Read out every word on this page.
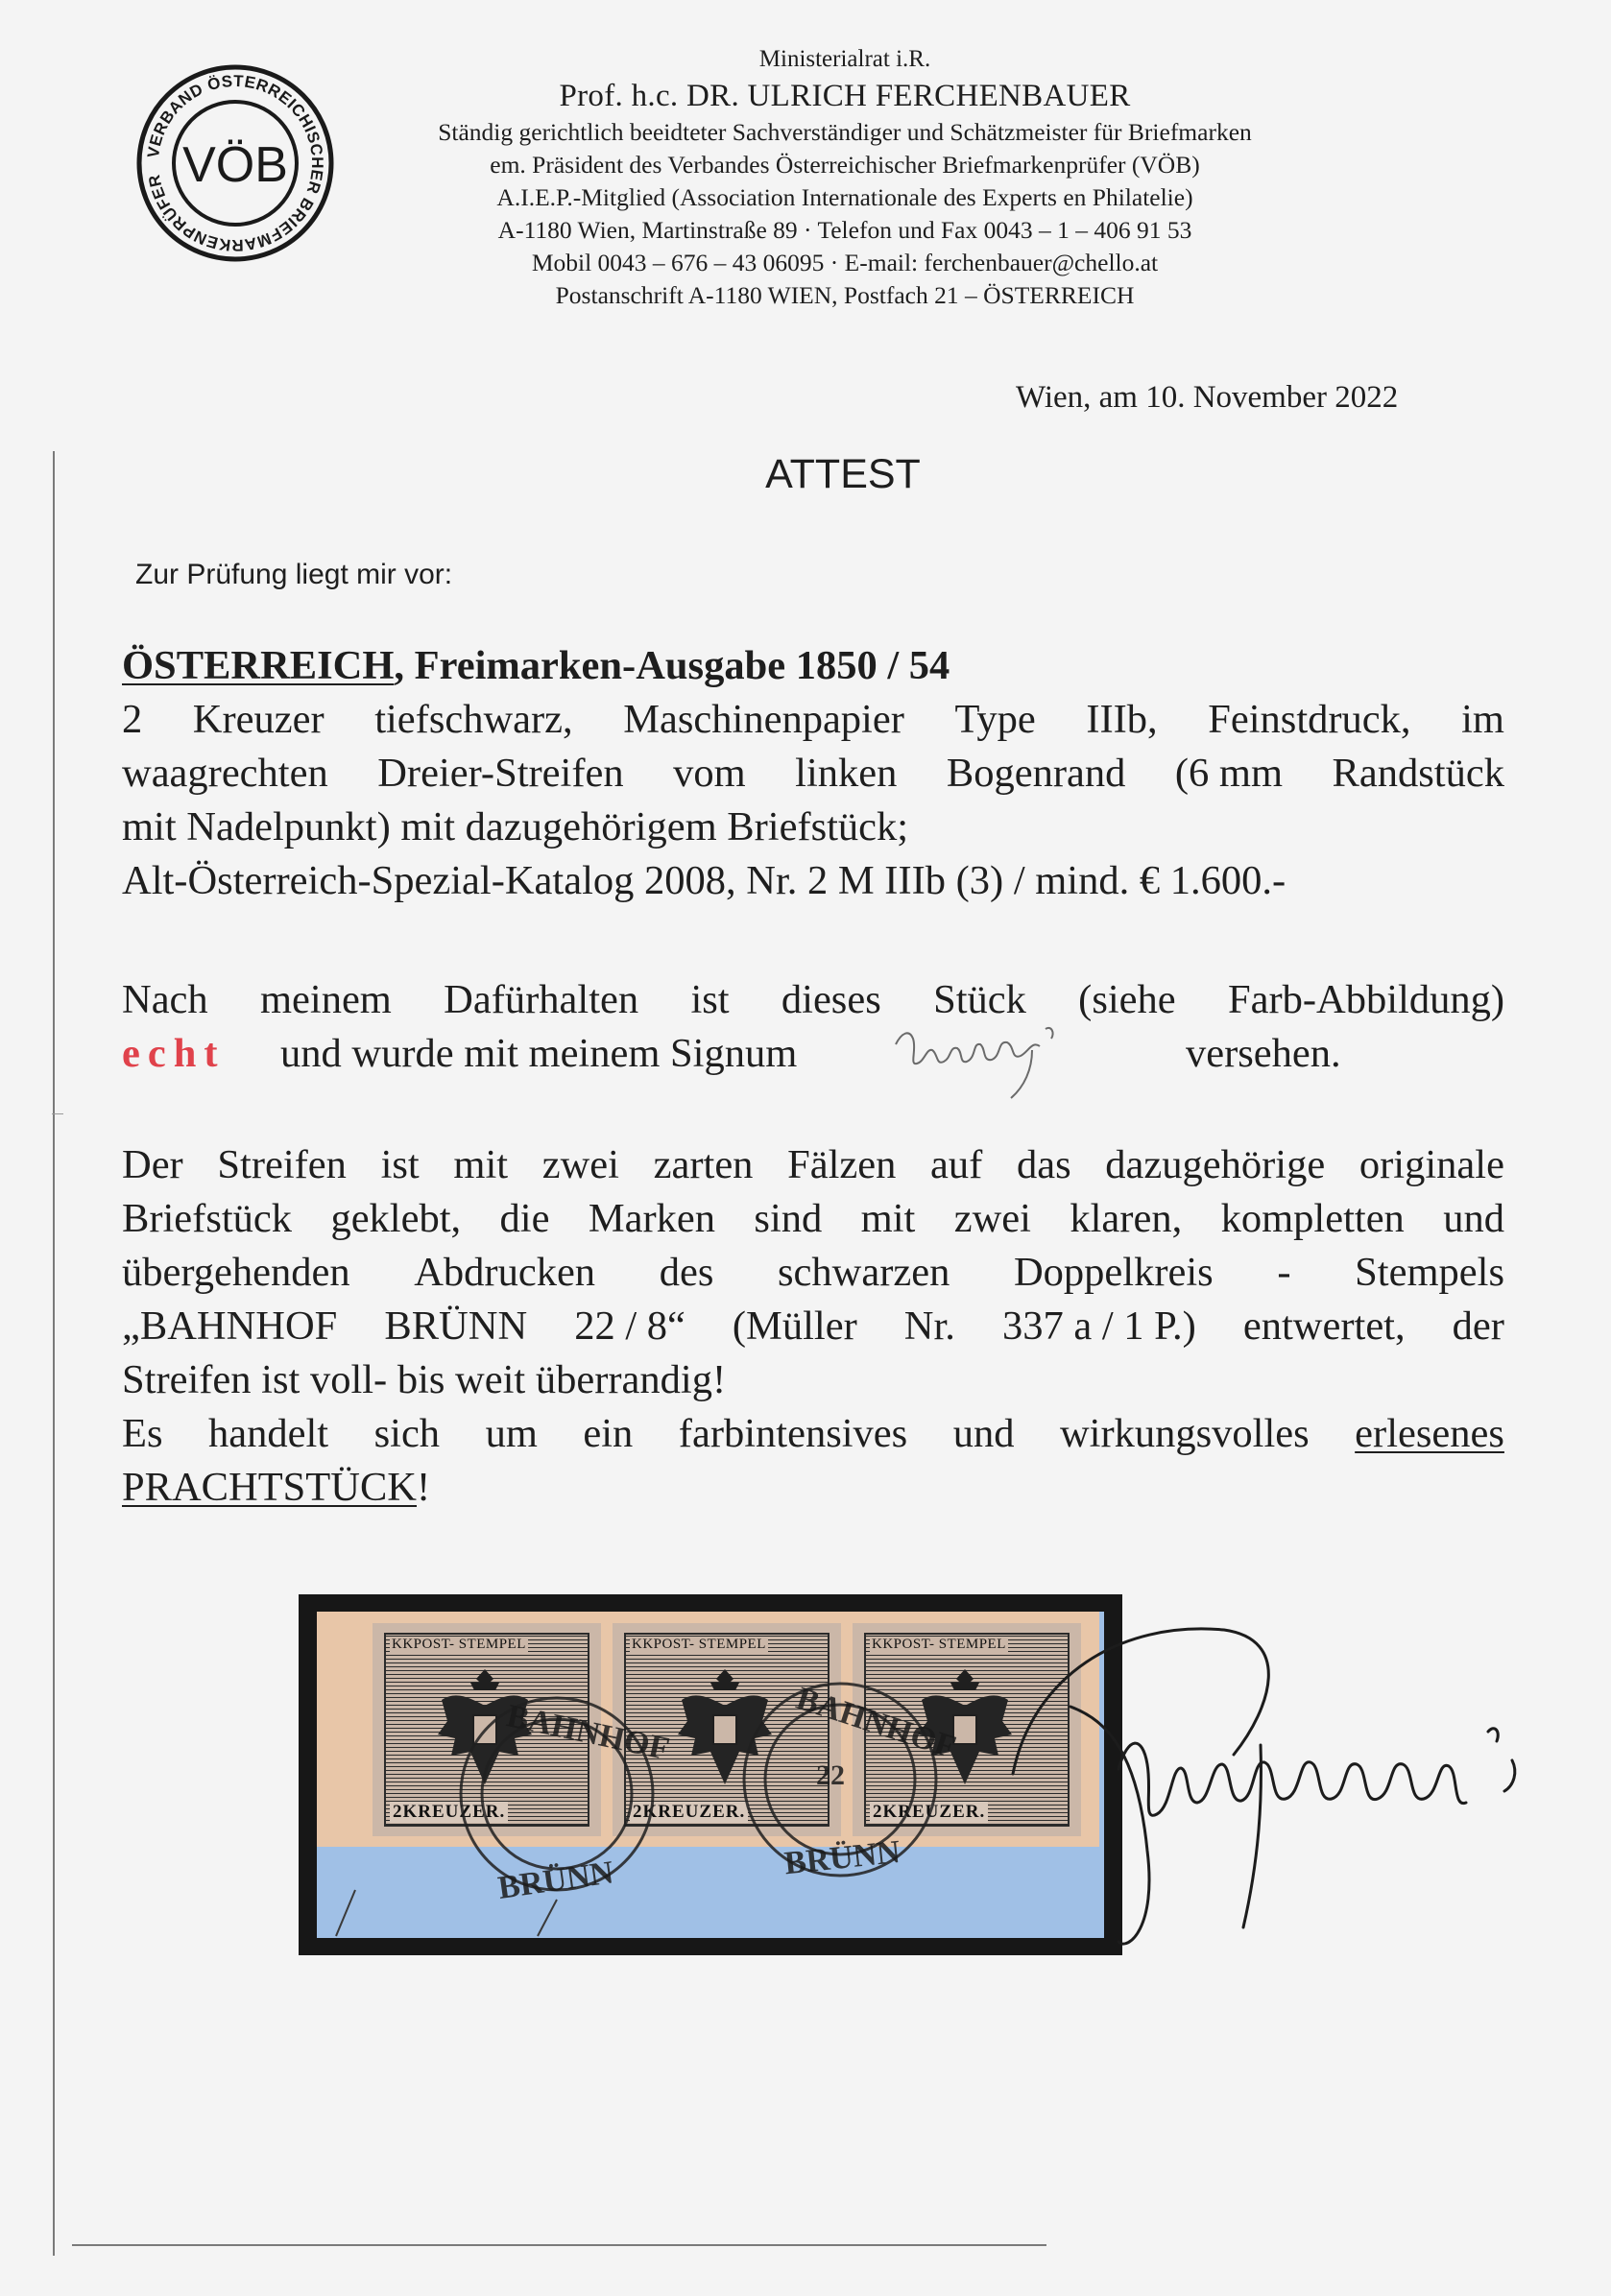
VERBAND ÖSTERREICHISCHER BRIEFMARKENPRÜFER VÖB
Ministerialrat i.R.
Prof. h.c. DR. ULRICH FERCHENBAUER
Ständig gerichtlich beeidteter Sachverständiger und Schätzmeister für Briefmarken
em. Präsident des Verbandes Österreichischer Briefmarkenprüfer (VÖB)
A.I.E.P.-Mitglied (Association Internationale des Experts en Philatelie)
A-1180 Wien, Martinstraße 89 · Telefon und Fax 0043 – 1 – 406 91 53
Mobil 0043 – 676 – 43 06095 · E-mail: ferchenbauer@chello.at
Postanschrift A-1180 WIEN, Postfach 21 – ÖSTERREICH
Wien, am 10. November 2022
ATTEST
Zur Prüfung liegt mir vor:
ÖSTERREICH, Freimarken-Ausgabe 1850 / 54
2 Kreuzer tiefschwarz, Maschinenpapier Type IIIb, Feinstdruck, im
waagrechten Dreier-Streifen vom linken Bogenrand (6 mm Randstück
mit Nadelpunkt) mit dazugehörigem Briefstück;
Alt-Österreich-Spezial-Katalog 2008, Nr. 2 M IIIb (3) / mind. € 1.600.-
Nach meinem Dafürhalten ist dieses Stück (siehe Farb-Abbildung)
echt und wurde mit meinem Signum	versehen.
Der Streifen ist mit zwei zarten Fälzen auf das dazugehörige originale
Briefstück geklebt, die Marken sind mit zwei klaren, kompletten und
übergehenden Abdrucken des schwarzen Doppelkreis - Stempels
„BAHNHOF BRÜNN 22 / 8“ (Müller Nr. 337 a / 1 P.) entwertet, der
Streifen ist voll- bis weit überrandig!
Es handelt sich um ein farbintensives und wirkungsvolles erlesenes
PRACHTSTÜCK!
KKPOST- STEMPEL
2KREUZER.
KKPOST- STEMPEL
2KREUZER.
KKPOST- STEMPEL
2KREUZER.
BAHNHOF
BRÜNN
BAHNHOF
BRÜNN
22
